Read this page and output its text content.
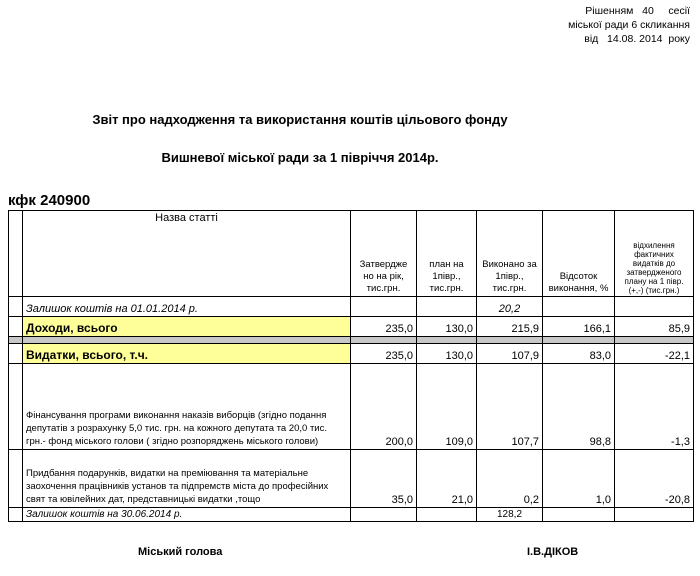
Рішенням   40     сесії
міської ради 6 скликання
від   14.08. 2014  року
Звіт про надходження та використання коштів цільового фонду
Вишневої міської ради за 1 півріччя 2014р.
кфк 240900
	Назва статті	Затвердже но на рік, тис.грн.	план на 1півр., тис.грн.	Виконано за 1півр., тис.грн.	Відсоток виконання, %	відхилення фактичних видатків до затвердженого плану на 1 півр. (+,-) (тис.грн.)
	Залишок коштів на 01.01.2014 р.			20,2		
	Доходи, всього	235,0	130,0	215,9	166,1	85,9

	Видатки, всього, т.ч.	235,0	130,0	107,9	83,0	-22,1
	Фінансування програми виконання наказів виборців (згідно подання депутатів з розрахунку 5,0 тис. грн. на кожного депутата та 20,0 тис. грн.- фонд міського голови ( згідно розпоряджень міського голови)	200,0	109,0	107,7	98,8	-1,3
	Придбання подарунків, видатки на преміювання та матеріальне заохочення працівників установ та підпремств міста до професійних свят та ювілейних дат, представницькі видатки ,тощо	35,0	21,0	0,2	1,0	-20,8
	Залишок коштів на 30.06.2014 р.			128,2		
Міський голова	І.В.ДІКОВ
